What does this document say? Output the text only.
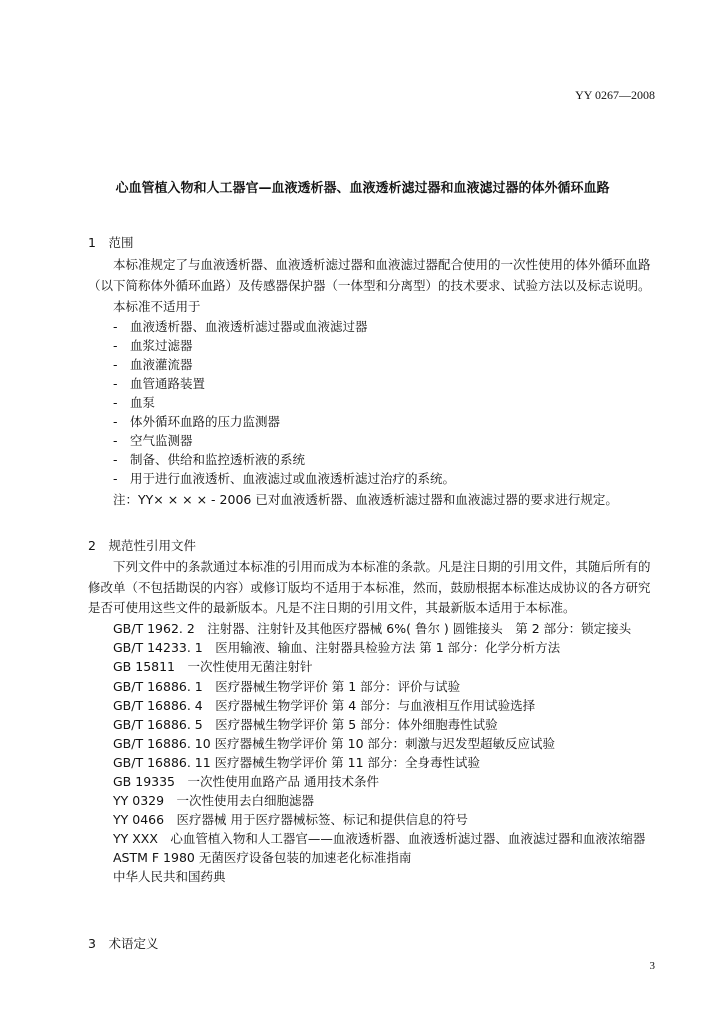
YY 0267—2008
心血管植入物和人工器官—血液透析器、血液透析滤过器和血液滤过器的体外循环血路
1　范围
本标准规定了与血液透析器、血液透析滤过器和血液滤过器配合使用的一次性使用的体外循环血路（以下简称体外循环血路）及传感器保护器（一体型和分离型）的技术要求、试验方法以及标志说明。
本标准不适用于
- 血液透析器、血液透析滤过器或血液滤过器
- 血浆过滤器
- 血液灌流器
- 血管通路装置
- 血泵
- 体外循环血路的压力监测器
- 空气监测器
- 制备、供给和监控透析液的系统
- 用于进行血液透析、血液滤过或血液透析滤过治疗的系统。
注：YY× × × × - 2006 已对血液透析器、血液透析滤过器和血液滤过器的要求进行规定。
2　规范性引用文件
下列文件中的条款通过本标准的引用而成为本标准的条款。凡是注日期的引用文件，其随后所有的修改单（不包括勘误的内容）或修订版均不适用于本标准，然而，鼓励根据本标准达成协议的各方研究是否可使用这些文件的最新版本。凡是不注日期的引用文件，其最新版本适用于本标准。
GB/T 1962. 2　注射器、注射针及其他医疗器械 6%( 鲁尔 ) 圆锥接头　第 2 部分：锁定接头
GB/T 14233. 1　医用输液、输血、注射器具检验方法 第 1 部分：化学分析方法
GB 15811　一次性使用无菌注射针
GB/T 16886. 1　医疗器械生物学评价 第 1 部分：评价与试验
GB/T 16886. 4　医疗器械生物学评价 第 4 部分：与血液相互作用试验选择
GB/T 16886. 5　医疗器械生物学评价 第 5 部分：体外细胞毒性试验
GB/T 16886. 10 医疗器械生物学评价 第 10 部分：刺激与迟发型超敏反应试验
GB/T 16886. 11 医疗器械生物学评价 第 11 部分：全身毒性试验
GB 19335　一次性使用血路产品 通用技术条件
YY 0329　一次性使用去白细胞滤器
YY 0466　医疗器械 用于医疗器械标签、标记和提供信息的符号
YY XXX　心血管植入物和人工器官——血液透析器、血液透析滤过器、血液滤过器和血液浓缩器
ASTM F 1980 无菌医疗设备包装的加速老化标准指南
中华人民共和国药典
3　术语定义
3
